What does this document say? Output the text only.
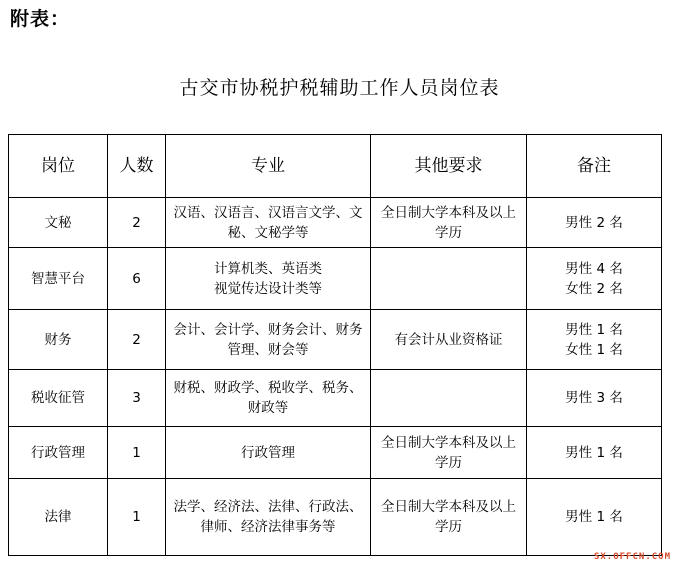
附表：
古交市协税护税辅助工作人员岗位表
岗位	人数	专业	其他要求	备注
文秘	2	汉语、汉语言、汉语言文学、文
秘、文秘学等	全日制大学本科及以上
学历	男性 2 名

智慧平台	6	计算机类、英语类
视觉传达设计类等		男性 4 名
女性 2 名

财务	2	会计、会计学、财务会计、财务
管理、财会等	有会计从业资格证	男性 1 名
女性 1 名

税收征管	3	财税、财政学、税收学、税务、
财政等		男性 3 名

行政管理	1	行政管理	全日制大学本科及以上
学历	男性 1 名

法律	1	法学、经济法、法律、行政法、
律师、经济法律事务等	全日制大学本科及以上
学历	男性 1 名
SX.OFFCN.COM
